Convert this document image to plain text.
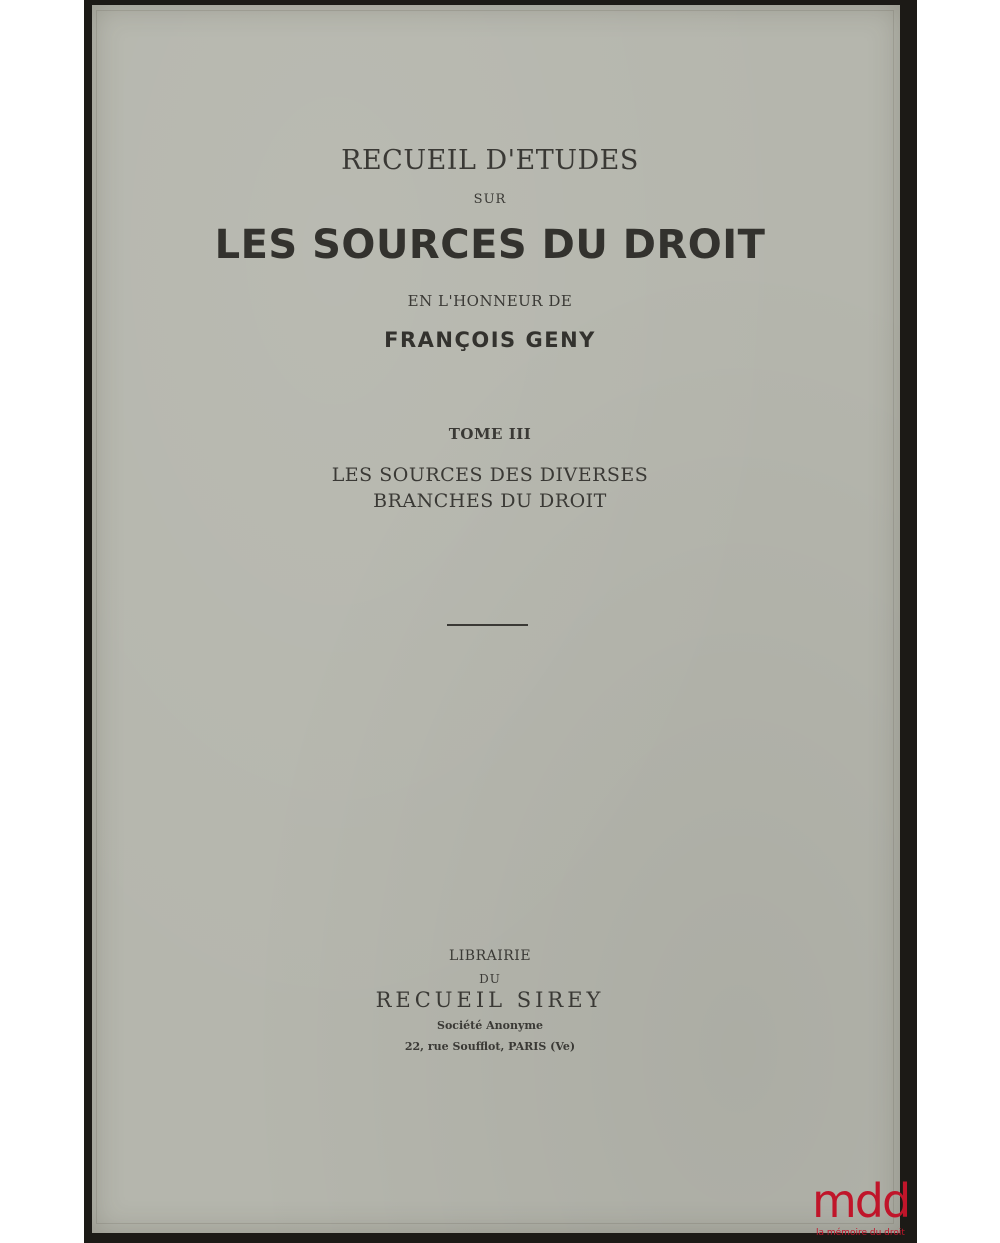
RECUEIL D'ETUDES
SUR
LES SOURCES DU DROIT
EN L'HONNEUR DE
FRANÇOIS GENY
TOME III
LES SOURCES DES DIVERSES
BRANCHES DU DROIT
LIBRAIRIE
DU
RECUEIL SIREY
Société Anonyme
22, rue Soufflot, PARIS (Ve)
mdd
la mémoire du droit
